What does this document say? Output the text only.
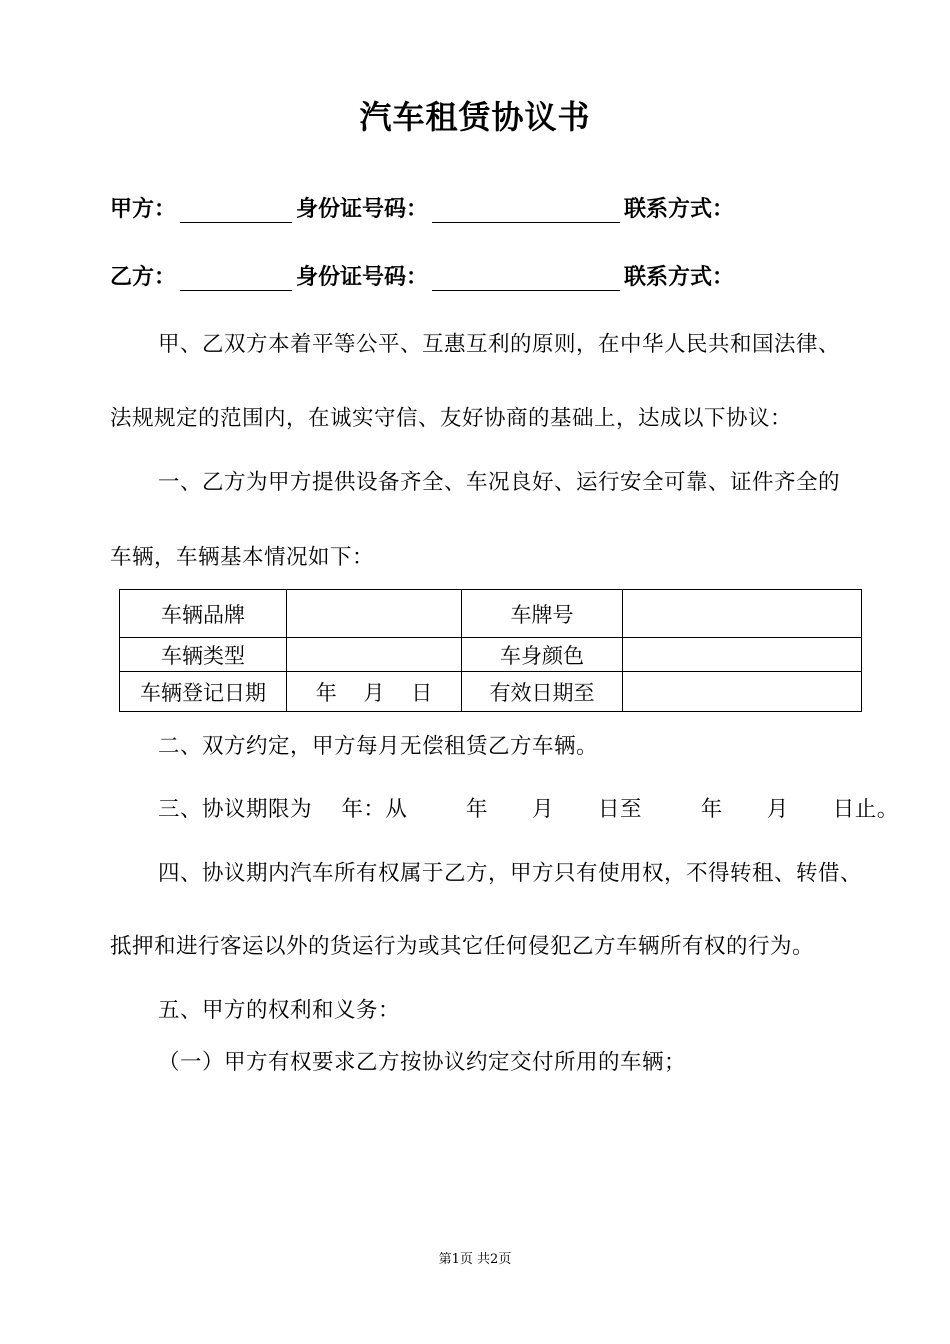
汽车租赁协议书
甲方：	身份证号码：	联系方式：
乙方：	身份证号码：	联系方式：
甲、乙双方本着平等公平、互惠互利的原则，在中华人民共和国法律、
法规规定的范围内，在诚实守信、友好协商的基础上，达成以下协议：
一、乙方为甲方提供设备齐全、车况良好、运行安全可靠、证件齐全的
车辆，车辆基本情况如下：
车辆品牌		车牌号	
车辆类型		车身颜色	
车辆登记日期	年    月    日	有效日期至	
二、双方约定，甲方每月无偿租赁乙方车辆。
三、协议期限为    年：从        年      月      日至        年      月      日止。
四、协议期内汽车所有权属于乙方，甲方只有使用权，不得转租、转借、
抵押和进行客运以外的货运行为或其它任何侵犯乙方车辆所有权的行为。
五、甲方的权利和义务：
（一）甲方有权要求乙方按协议约定交付所用的车辆；
第1页 共2页
